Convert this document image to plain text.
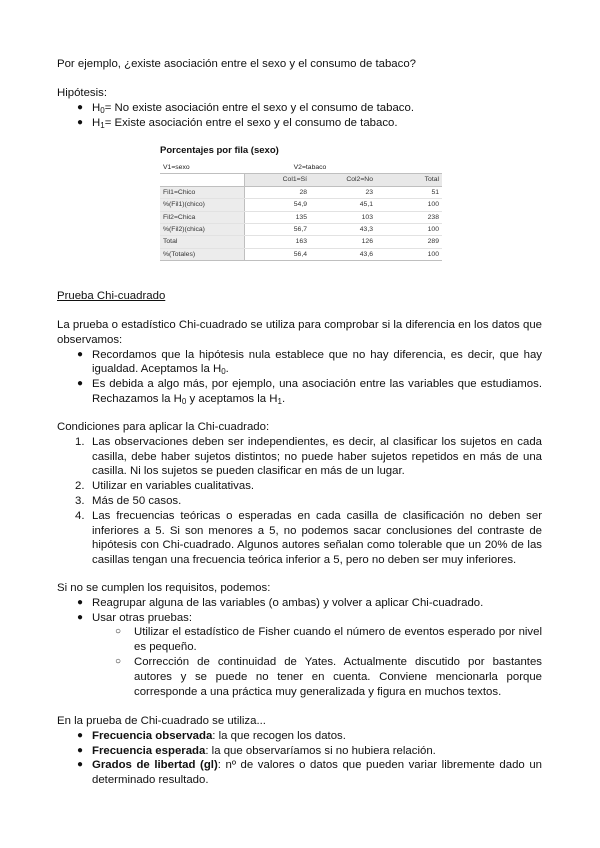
Por ejemplo, ¿existe asociación entre el sexo y el consumo de tabaco?

Hipótesis:

● $H_0= No$ existe asociación entre el sexo y el consumo de tabaco.
● $H_1=$ Existe asociación entre el sexo y el consumo de tabaco.
Porcentajes por fila (sexo)
V1=sexo	V2=tabaco		
	Col1=Sí	Col2=No	Total
Fil1=Chico	28	23	51
%(Fil1)(chico)	54,9	45,1	100
Fil2=Chica	135	103	238
%(Fil2)(chica)	56,7	43,3	100
Total	163	126	289
%(Totales)	56,4	43,6	100

Prueba Chi-cuadrado

La prueba o estadístico Chi-cuadrado se utiliza para comprobar si la diferencia en los datos que observamos:

● Recordamos que la hipótesis nula establece que no hay diferencia, es decir, que hay igualdad. Aceptamos la $H_0$.
● Es debida a algo más, por ejemplo, una asociación entre las variables que estudiamos. Rechazamos la $H_0$ y aceptamos la $H_1$.

Condiciones para aplicar la Chi-cuadrado:

1. Las observaciones deben ser independientes, es decir, al clasificar los sujetos en cada casilla, debe haber sujetos distintos; no puede haber sujetos repetidos en más de una casilla. Ni los sujetos se pueden clasificar en más de un lugar.
2. Utilizar en variables cualitativas.
3. Más de 50 casos.
4. Las frecuencias teóricas o esperadas en cada casilla de clasificación no deben ser inferiores a 5. Si son menores a 5, no podemos sacar conclusiones del contraste de hipótesis con Chi-cuadrado. Algunos autores señalan como tolerable que un 20% de las casillas tengan una frecuencia teórica inferior a 5, pero no deben ser muy inferiores.

Si no se cumplen los requisitos, podemos:

● Reagrupar alguna de las variables (o ambas) y volver a aplicar Chi-cuadrado.
● Usar otras pruebas:
○ Utilizar el estadístico de Fisher cuando el número de eventos esperado por nivel es pequeño.
○ Corrección de continuidad de Yates. Actualmente discutido por bastantes autores y se puede no tener en cuenta. Conviene mencionarla porque corresponde a una práctica muy generalizada y figura en muchos textos.

En la prueba de Chi-cuadrado se utiliza...

● Frecuencia observada: la que recogen los datos.
● Frecuencia esperada: la que observaríamos si no hubiera relación.
● Grados de libertad (gl): nº de valores o datos que pueden variar libremente dado un determinado resultado.
